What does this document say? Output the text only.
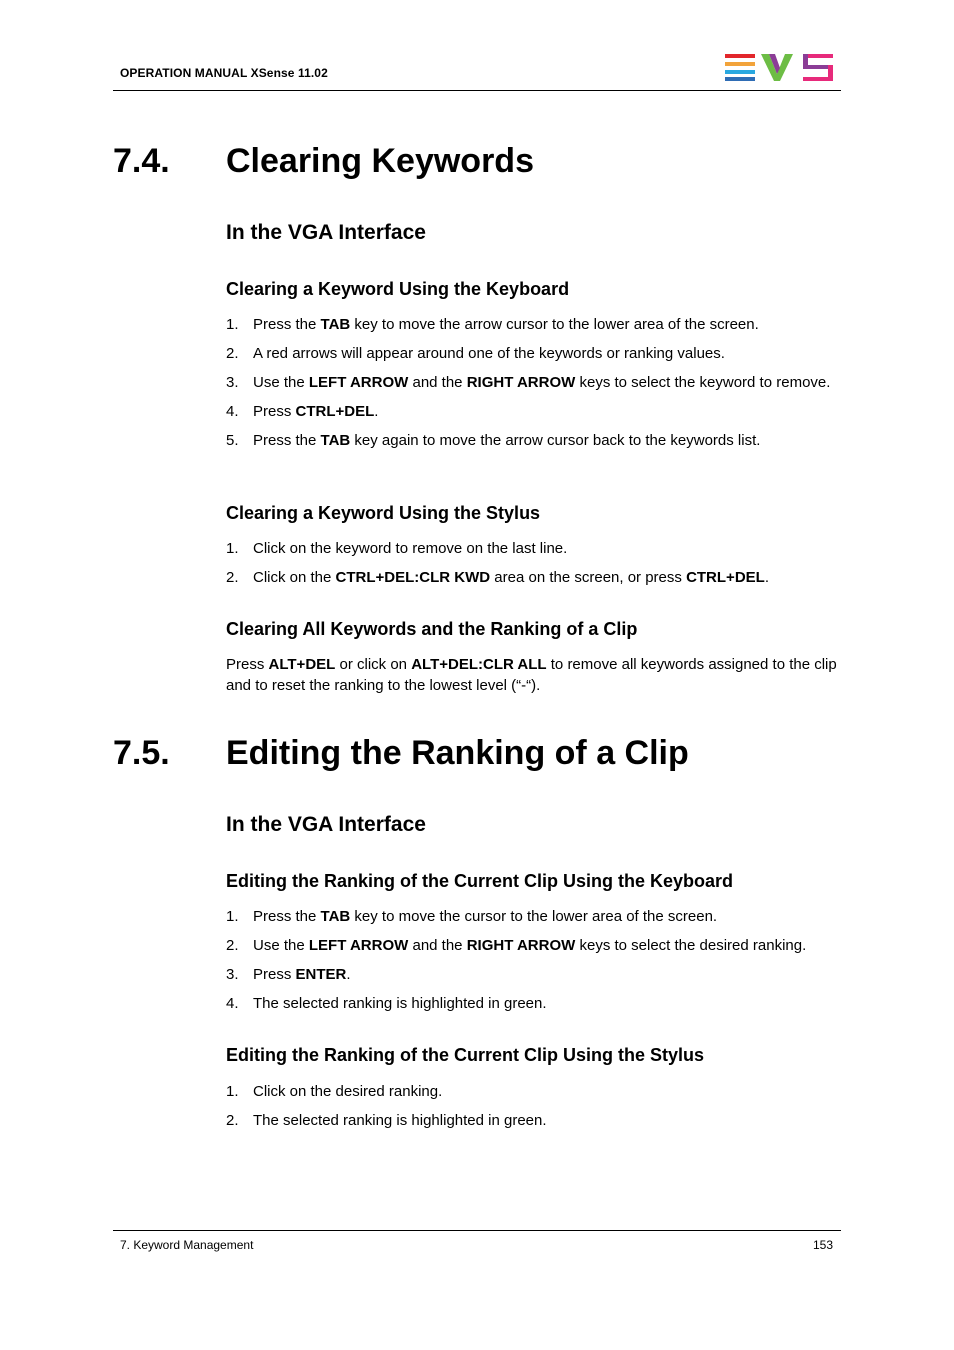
OPERATION MANUAL XSense 11.02
7.4. Clearing Keywords
In the VGA Interface
Clearing a Keyword Using the Keyboard
1. Press the TAB key to move the arrow cursor to the lower area of the screen.
2. A red arrows will appear around one of the keywords or ranking values.
3. Use the LEFT ARROW and the RIGHT ARROW keys to select the keyword to remove.
4. Press CTRL+DEL.
5. Press the TAB key again to move the arrow cursor back to the keywords list.
Clearing a Keyword Using the Stylus
1. Click on the keyword to remove on the last line.
2. Click on the CTRL+DEL:CLR KWD area on the screen, or press CTRL+DEL.
Clearing All Keywords and the Ranking of a Clip
Press ALT+DEL or click on ALT+DEL:CLR ALL to remove all keywords assigned to the clip and to reset the ranking to the lowest level (“-“).
7.5. Editing the Ranking of a Clip
In the VGA Interface
Editing the Ranking of the Current Clip Using the Keyboard
1. Press the TAB key to move the cursor to the lower area of the screen.
2. Use the LEFT ARROW and the RIGHT ARROW keys to select the desired ranking.
3. Press ENTER.
4. The selected ranking is highlighted in green.
Editing the Ranking of the Current Clip Using the Stylus
1. Click on the desired ranking.
2. The selected ranking is highlighted in green.
7. Keyword Management	153
